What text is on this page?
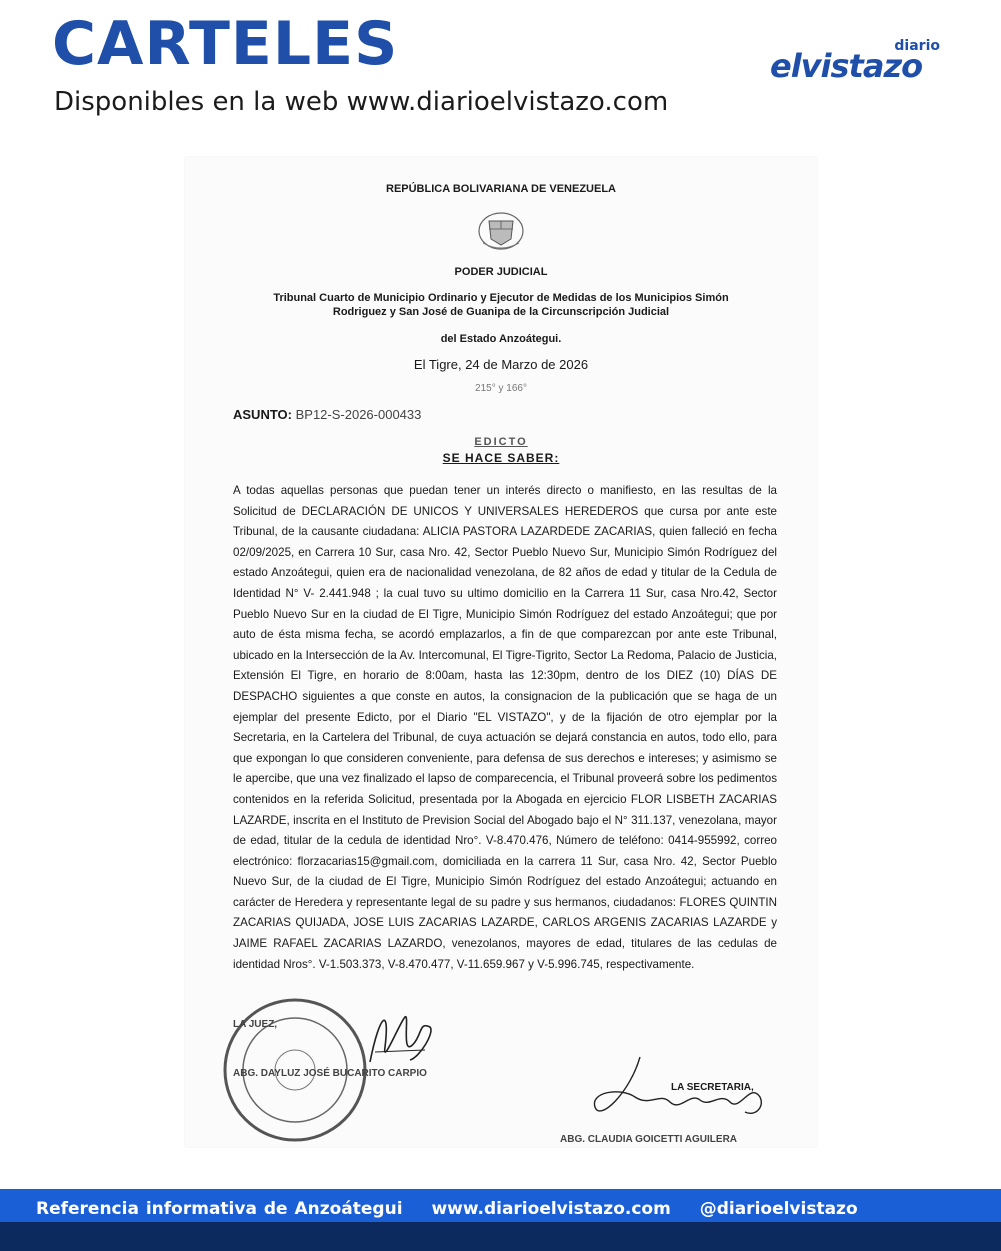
CARTELES
Disponibles en la web www.diarioelvistazo.com
diario
elvistazo
REPÚBLICA BOLIVARIANA DE VENEZUELA
PODER JUDICIAL
Tribunal Cuarto de Municipio Ordinario y Ejecutor de Medidas de los Municipios Simón
Rodriguez y San José de Guanipa de la Circunscripción Judicial
del Estado Anzoátegui.
El Tigre, 24 de Marzo de 2026
215° y 166°
ASUNTO: BP12-S-2026-000433
EDICTO
SE HACE SABER:

A todas aquellas personas que puedan tener un interés directo o manifiesto, en las resultas de la Solicitud de DECLARACIÓN DE UNICOS Y UNIVERSALES HEREDEROS que cursa por ante este Tribunal, de la causante ciudadana: ALICIA PASTORA LAZARDEDE ZACARIAS, quien falleció en fecha 02/09/2025, en Carrera 10 Sur, casa Nro. 42, Sector Pueblo Nuevo Sur, Municipio Simón Rodríguez del estado Anzoátegui, quien era de nacionalidad venezolana, de 82 años de edad y titular de la Cedula de Identidad N° V- 2.441.948 ; la cual tuvo su ultimo domicilio en la Carrera 11 Sur, casa Nro.42, Sector Pueblo Nuevo Sur en la ciudad de El Tigre, Municipio Simón Rodríguez del estado Anzoátegui; que por auto de ésta misma fecha, se acordó emplazarlos, a fin de que comparezcan por ante este Tribunal, ubicado en la Intersección de la Av. Intercomunal, El Tigre-Tigrito, Sector La Redoma, Palacio de Justicia, Extensión El Tigre, en horario de 8:00am, hasta las 12:30pm, dentro de los DIEZ (10) DÍAS DE DESPACHO siguientes a que conste en autos, la consignacion de la publicación que se haga de un ejemplar del presente Edicto, por el Diario "EL VISTAZO", y de la fijación de otro ejemplar por la Secretaria, en la Cartelera del Tribunal, de cuya actuación se dejará constancia en autos, todo ello, para que expongan lo que consideren conveniente, para defensa de sus derechos e intereses; y asimismo se le apercibe, que una vez finalizado el lapso de comparecencia, el Tribunal proveerá sobre los pedimentos contenidos en la referida Solicitud, presentada por la Abogada en ejercicio FLOR LISBETH ZACARIAS LAZARDE, inscrita en el Instituto de Prevision Social del Abogado bajo el N° 311.137, venezolana, mayor de edad, titular de la cedula de identidad Nro°. V-8.470.476, Número de teléfono: 0414-955992, correo electrónico: florzacarias15@gmail.com, domiciliada en la carrera 11 Sur, casa Nro. 42, Sector Pueblo Nuevo Sur, de la ciudad de El Tigre, Municipio Simón Rodríguez del estado Anzoátegui; actuando en carácter de Heredera y representante legal de su padre y sus hermanos, ciudadanos: FLORES QUINTIN ZACARIAS QUIJADA, JOSE LUIS ZACARIAS LAZARDE, CARLOS ARGENIS ZACARIAS LAZARDE y JAIME RAFAEL ZACARIAS LAZARDO, venezolanos, mayores de edad, titulares de las cedulas de identidad Nros°. V-1.503.373, V-8.470.477, V-11.659.967 y V-5.996.745, respectivamente.

LA JUEZ,
ABG. DAYLUZ JOSÉ BUCARITO CARPIO
LA SECRETARIA,
ABG. CLAUDIA GOICETTI AGUILERA
Referencia informativa de Anzoátegui www.diarioelvistazo.com @diarioelvistazo
